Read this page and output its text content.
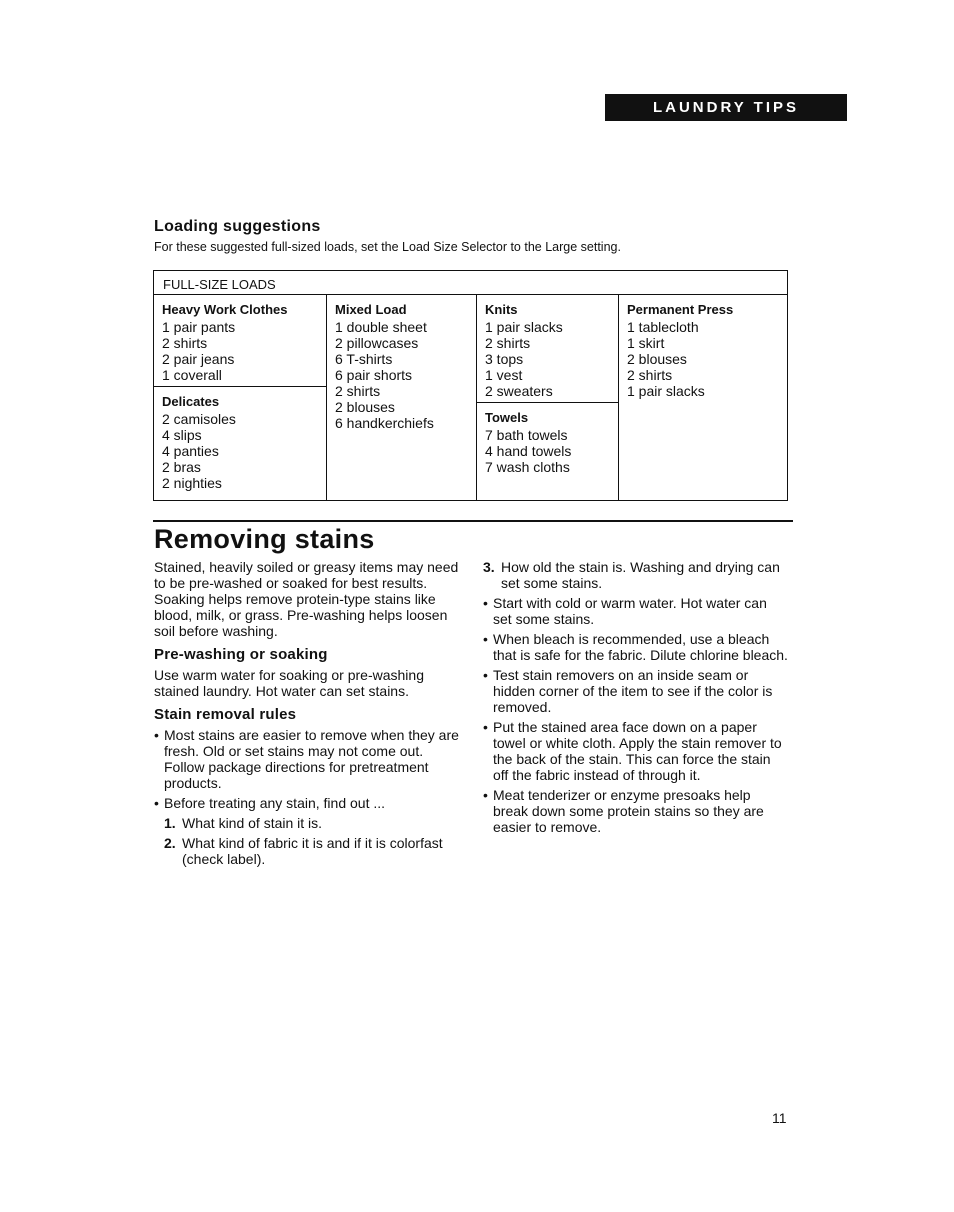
LAUNDRY TIPS
Loading suggestions

For these suggested full-sized loads, set the Load Size Selector to the Large setting.

FULL-SIZE LOADS
Heavy Work Clothes
1 pair pants
2 shirts
2 pair jeans
1 coverall
Delicates
2 camisoles
4 slips
4 panties
2 bras
2 nighties
Mixed Load
1 double sheet
2 pillowcases
6 T-shirts
6 pair shorts
2 shirts
2 blouses
6 handkerchiefs
Knits
1 pair slacks
2 shirts
3 tops
1 vest
2 sweaters
Towels
7 bath towels
4 hand towels
7 wash cloths
Permanent Press
1 tablecloth
1 skirt
2 blouses
2 shirts
1 pair slacks
Removing stains

Stained, heavily soiled or greasy items may need to be pre-washed or soaked for best results. Soaking helps remove protein-type stains like blood, milk, or grass. Pre-washing helps loosen soil before washing.

Pre-washing or soaking

Use warm water for soaking or pre-washing stained laundry. Hot water can set stains.

Stain removal rules
• Most stains are easier to remove when they are fresh. Old or set stains may not come out. Follow package directions for pretreatment products.
• Before treating any stain, find out ...
1. What kind of stain it is.
2. What kind of fabric it is and if it is colorfast (check label).
3. How old the stain is. Washing and drying can set some stains.
• Start with cold or warm water. Hot water can set some stains.
• When bleach is recommended, use a bleach that is safe for the fabric. Dilute chlorine bleach.
• Test stain removers on an inside seam or hidden corner of the item to see if the color is removed.
• Put the stained area face down on a paper towel or white cloth. Apply the stain remover to the back of the stain. This can force the stain off the fabric instead of through it.
• Meat tenderizer or enzyme presoaks help break down some protein stains so they are easier to remove.
11
